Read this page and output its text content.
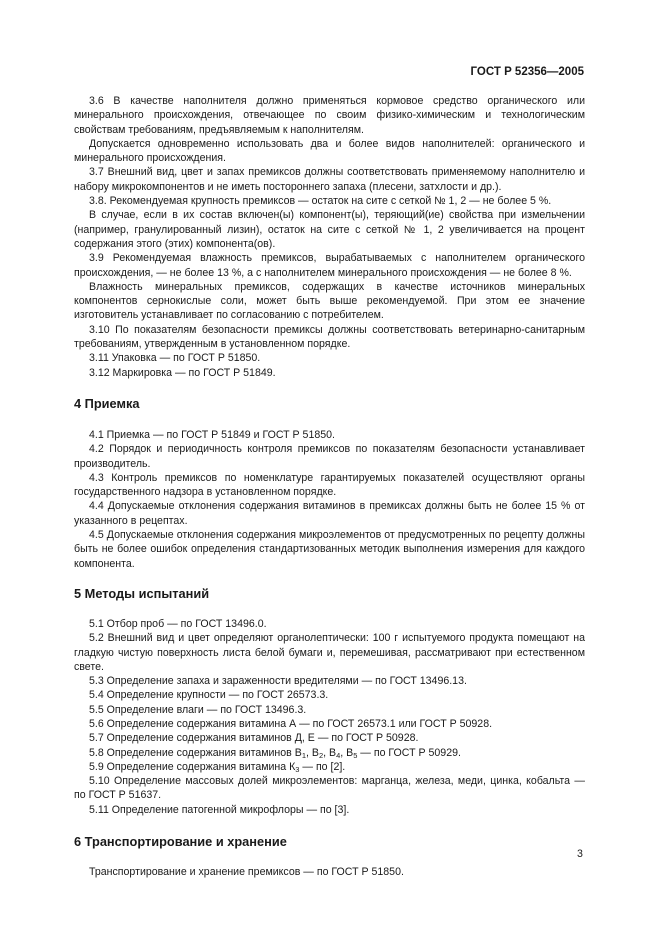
ГОСТ Р 52356—2005

3.6 В качестве наполнителя должно применяться кормовое средство органического или минерального происхождения, отвечающее по своим физико-химическим и технологическим свойствам требованиям, предъявляемым к наполнителям.

Допускается одновременно использовать два и более видов наполнителей: органического и минерального происхождения.

3.7 Внешний вид, цвет и запах премиксов должны соответствовать применяемому наполнителю и набору микрокомпонентов и не иметь постороннего запаха (плесени, затхлости и др.).

3.8. Рекомендуемая крупность премиксов — остаток на сите с сеткой № 1, 2 — не более 5 %.

В случае, если в их состав включен(ы) компонент(ы), теряющий(ие) свойства при измельчении (например, гранулированный лизин), остаток на сите с сеткой № 1, 2 увеличивается на процент содержания этого (этих) компонента(ов).

3.9 Рекомендуемая влажность премиксов, вырабатываемых с наполнителем органического происхождения, — не более 13 %, а с наполнителем минерального происхождения — не более 8 %.

Влажность минеральных премиксов, содержащих в качестве источников минеральных компонентов сернокислые соли, может быть выше рекомендуемой. При этом ее значение изготовитель устанавливает по согласованию с потребителем.

3.10 По показателям безопасности премиксы должны соответствовать ветеринарно-санитарным требованиям, утвержденным в установленном порядке.

3.11 Упаковка — по ГОСТ Р 51850.

3.12 Маркировка — по ГОСТ Р 51849.

4 Приемка

4.1 Приемка — по ГОСТ Р 51849 и ГОСТ Р 51850.

4.2 Порядок и периодичность контроля премиксов по показателям безопасности устанавливает производитель.

4.3 Контроль премиксов по номенклатуре гарантируемых показателей осуществляют органы государственного надзора в установленном порядке.

4.4 Допускаемые отклонения содержания витаминов в премиксах должны быть не более 15 % от указанного в рецептах.

4.5 Допускаемые отклонения содержания микроэлементов от предусмотренных по рецепту должны быть не более ошибок определения стандартизованных методик выполнения измерения для каждого компонента.

5 Методы испытаний

5.1 Отбор проб — по ГОСТ 13496.0.

5.2 Внешний вид и цвет определяют органолептически: 100 г испытуемого продукта помещают на гладкую чистую поверхность листа белой бумаги и, перемешивая, рассматривают при естественном свете.

5.3 Определение запаха и зараженности вредителями — по ГОСТ 13496.13.

5.4 Определение крупности — по ГОСТ 26573.3.

5.5 Определение влаги — по ГОСТ 13496.3.

5.6 Определение содержания витамина А — по ГОСТ 26573.1 или ГОСТ Р 50928.

5.7 Определение содержания витаминов Д, Е — по ГОСТ Р 50928.

5.8 Определение содержания витаминов $В_1$, $В_2$, $В_4$, $В_5$ — по ГОСТ Р 50929.

5.9 Определение содержания витамина $К_3$ — по [2].

5.10 Определение массовых долей микроэлементов: марганца, железа, меди, цинка, кобальта — по ГОСТ Р 51637.

5.11 Определение патогенной микрофлоры — по [3].

6 Транспортирование и хранение

Транспортирование и хранение премиксов — по ГОСТ Р 51850.

3
